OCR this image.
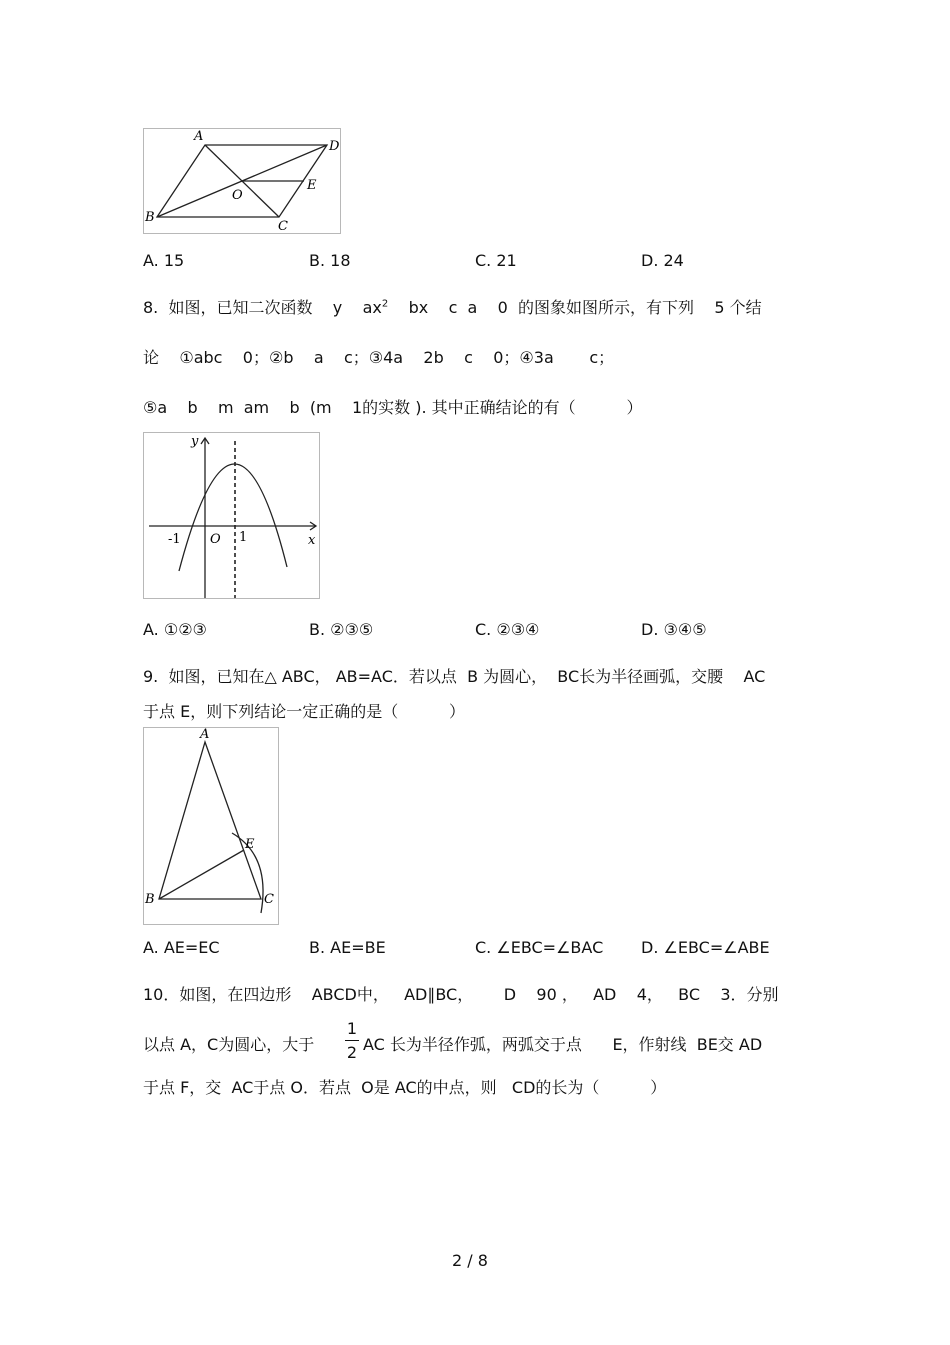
A
D
E
O
B
C
A. 15	B. 18	C. 21	D. 24
8.  如图，已知二次函数    y    $ax^2$    bx    c  a    0  的图象如图所示，有下列    5 个结
论    ①abc    0；②b    a    c；③4a    2b    c    0；④3a       c；
⑤a    b    m  am    b  (m    1的实数 ). 其中正确结论的有（          ）
y
x
O
-1	1
A. ①②③	B. ②③⑤	C. ②③④	D. ③④⑤
9.  如图，已知在△ ABC， AB=AC．若以点  B 为圆心，  BC长为半径画弧，交腰    AC
于点 E，则下列结论一定正确的是（          ）
A
E
B	C
A. AE=EC	B. AE=BE	C. ∠EBC=∠BAC D. ∠EBC=∠ABE
10．如图，在四边形    ABCD中，   AD∥BC，      D    90 ，   AD    4，   BC    3．分别
以点 A，C为圆心，大于
1
2 AC 长为半径作弧，两弧交于点      E，作射线  BE交 AD
于点 F，交  AC于点 O．若点  O是 AC的中点，则   CD的长为（          ）
2 / 8
